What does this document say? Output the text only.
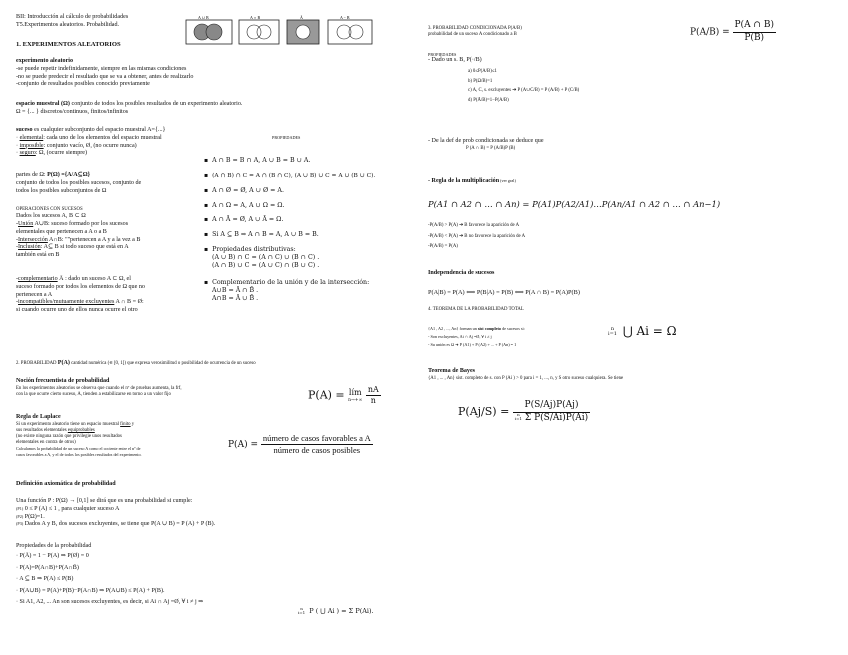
BII: Introducción al cálculo de probabilidades
T5.Experimentos aleatorios. Probabilidad.
A ∪ B	A ∩ B	Ā	A − B
1. EXPERIMENTOS ALEATORIOS
experimento aleatorio
-se puede repetir indefinidamente, siempre en las mismas condiciones
-no se puede predecir el resultado que se va a obtener, antes de realizarlo
-conjunto de resultados posibles conocido previamente
espacio muestral (Ω) conjunto de todos los posibles resultados de un experimento aleatorio.
Ω = {... } discretos/continuos, finitos/infinitos
suceso es cualquier subconjunto del espacio muestral A={...}
· elemental: cada uno de los elementos del espacio muestral
· imposible: conjunto vacío, Ø, (no ocurre nunca)
· seguro: Ω, (ocurre siempre)
PROPIEDADES
partes de Ω: P(Ω) ={A/A⊆Ω}
conjunto de todos los posibles sucesos, conjunto de
todos los posibles subconjuntos de Ω
OPERACIONES CON SUCESOS
Dados los sucesos A, B ⊂ Ω
-Unión A∪B: suceso formado por los sucesos
elementales que pertenecen a A o a B
-Intersección A∩B: ""pertenecen a A y a la vez a B
-Inclusión: A⊆ B si todo suceso que está en A
también está en B
-complementario Ā : dado un suceso A ⊂ Ω, el
suceso formado por todos los elementos de Ω que no
pertenecen a A
-incompatibles/mutuamente excluyentes A ∩ B = Ø:
si cuando ocurre uno de ellos nunca ocurre el otro
▪ A ∩ B = B ∩ A, A ∪ B = B ∪ A.
▪ (A ∩ B) ∩ C = A ∩ (B ∩ C), (A ∪ B) ∪ C = A ∪ (B ∪ C).
▪ A ∩ Ø = Ø, A ∪ Ø = A.
▪ A ∩ Ω = A, A ∪ Ω = Ω.
▪ A ∩ Ā = Ø, A ∪ Ā = Ω.
▪ Si A ⊆ B ⇒ A ∩ B = A, A ∪ B = B.
▪ Propiedades distributivas:
(A ∪ B) ∩ C = (A ∩ C) ∪ (B ∩ C) .
(A ∩ B) ∪ C = (A ∪ C) ∩ (B ∪ C) .
▪ Complementario de la unión y de la intersección:
A∪B = Ā ∩ B̄ .
A∩B = Ā ∪ B̄ .
2. PROBABILIDAD P(A) cantidad numérica (∈ [0, 1]) que expresa verosimilitud o posibilidad de ocurrencia de un suceso
Noción frecuentista de probabilidad
En los experimentos aleatorios se observa que cuando el nº de pruebas aumenta, la frf,
con la que ocurre cierto suceso, A, tienden a estabilizarse en torno a un valor fijo	P(A) = lím
n→+∞
$\frac{nA}{n}$
Regla de Laplace
Si un experimento aleatorio tiene un espacio muestral finito y
sus resultados elementales equiprobables
(no existe ninguna razón que privilegie unos resultados
elementales en contra de otros)
Calculamos la probabilidad de un suceso A como el cociente entre el nº de
casos favorables a A, y el de todos los posibles resultados del experimento.
$P(A) = \frac{\text{número de casos favorables a A}}{\text{número de casos posibles}}$
Definición axiomática de probabilidad
Una función P : P(Ω) → [0,1] se dirá que es una probabilidad si cumple:
(P1) 0 ≤ P (A) ≤ 1 , para cualquier suceso A
(P2) P(Ω)=1.
(P3) Dados A y B, dos sucesos excluyentes, se tiene que P(A ∪ B) = P (A) + P (B).
Propiedades de la probabilidad
· P(Ā) = 1 − P(A) ⇒ P(Ø) = 0
· P(A)=P(A∩B)+P(A∩B̄)
· A ⊆ B ⇒ P(A) ≤ P(B)
· P(A∪B) = P(A)+P(B)−P(A∩B) ⇒ P(A∪B) ≤ P(A) + P(B).
· Si A1, A2, ... An son sucesos excluyentes, es decir, si Ai ∩ Aj =Ø, ∀ i ≠ j ⇒
n
i=1 P ( ⋃ Ai ) = Σ P(Ai).
3. PROBABILIDAD CONDICIONADA P(A/B)
probabilidad de un suceso A condicionado a B	$P(A/B) = \frac{P(A \cap B)}{P(B)}$
PROPIEDADES
- Dado un s. B, P(·/B)
a) 0≤P(A/B)≤1
b) P(Ω/B)=1
c) A, C, s. excluyentes ➔ P (A∪C/B) = P (A/B) + P (C/B)
d) P(Ā/B)=1−P(A/B)
- De la def de prob condicionada se deduce que
P (A ∩ B) = P (A/B)P (B)
- Regla de la multiplicación (ver gral)
P(A1 ∩ A2 ∩ … ∩ An) = P(A1)P(A2/A1)…P(An/A1 ∩ A2 ∩ … ∩ An−1)
-P(A/B) > P(A) ➔ B favorece la aparición de A
-P(A/B) < P(A) ➔ B no favorece la aparición de A
-P(A/B) = P(A)
Independencia de sucesos
P(A|B) = P(A) ⟺ P(B|A) = P(B) ⟺ P(A ∩ B) = P(A)P(B)
4. TEOREMA DE LA PROBABILIDAD TOTAL
{A1 , A2 , ..., An} forman un sist completo de sucesos si:
- Son excluyentes, Ai ∩ Aj =Ø, ∀ i ≠ j
- Su unión es Ω ➔ P (A1) + P (A2) + ... + P (An) = 1
n
i=1 ⋃ Ai = Ω
Teorema de Bayes
{A1 , ... , An} sist. completo de s. con P (Ai ) > 0 para i = 1, ..., n, y S otro suceso cualquiera. Se tiene
P(Aj/S) = P(S/Aj)P(Aj)
n
i=1 Σ P(S/Ai)P(Ai)
